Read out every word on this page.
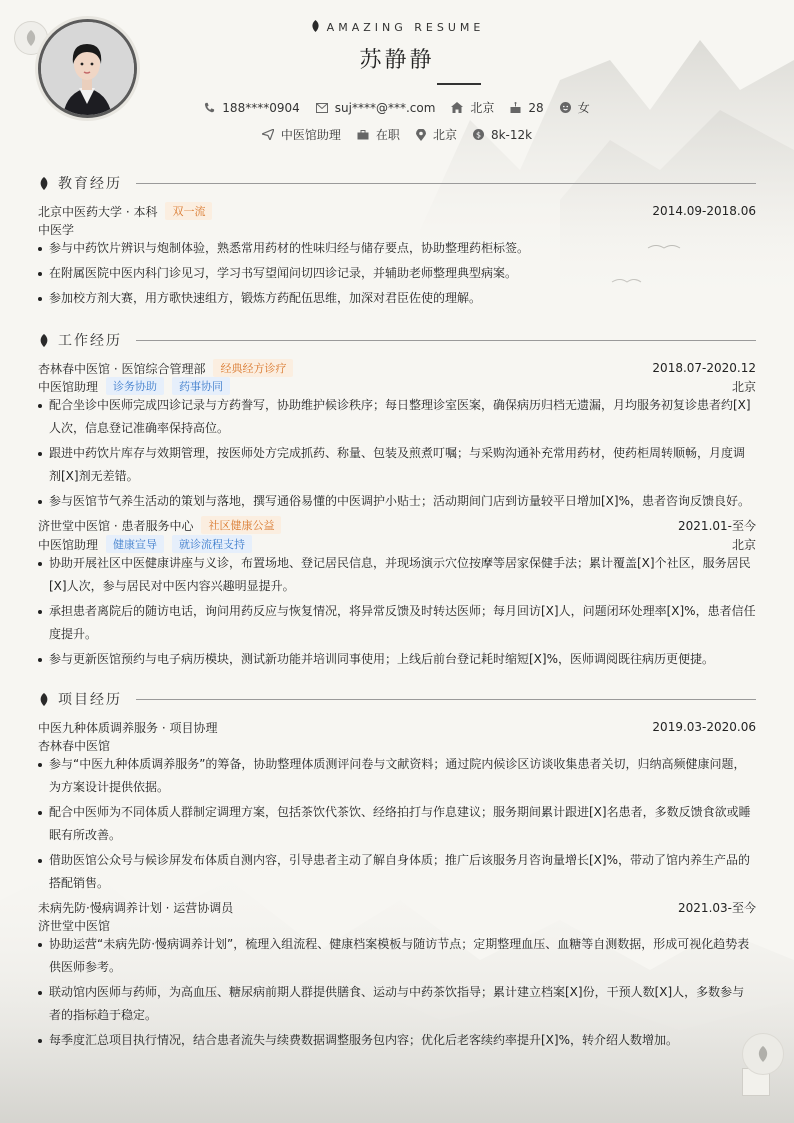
AMAZING RESUME
苏静静
188****0904	suj****@***.com	北京	28	女
中医馆助理	在职	北京 $ 8k-12k
教育经历
北京中医药大学 · 本科	双一流	2014.09-2018.06
中医学
参与中药饮片辨识与炮制体验，熟悉常用药材的性味归经与储存要点，协助整理药柜标签。
在附属医院中医内科门诊见习，学习书写望闻问切四诊记录，并辅助老师整理典型病案。
参加校方剂大赛，用方歌快速组方，锻炼方药配伍思维，加深对君臣佐使的理解。
工作经历
杏林春中医馆 · 医馆综合管理部	经典经方诊疗	2018.07-2020.12
中医馆助理	诊务协助	药事协同	北京
配合坐诊中医师完成四诊记录与方药誊写，协助维护候诊秩序；每日整理诊室医案，确保病历归档无遗漏，月均服务初复诊患者约[X]人次，信息登记准确率保持高位。
跟进中药饮片库存与效期管理，按医师处方完成抓药、称量、包装及煎煮叮嘱；与采购沟通补充常用药材，使药柜周转顺畅，月度调剂[X]剂无差错。
参与医馆节气养生活动的策划与落地，撰写通俗易懂的中医调护小贴士；活动期间门店到访量较平日增加[X]%，患者咨询反馈良好。
济世堂中医馆 · 患者服务中心	社区健康公益	2021.01-至今
中医馆助理	健康宣导	就诊流程支持	北京
协助开展社区中医健康讲座与义诊，布置场地、登记居民信息，并现场演示穴位按摩等居家保健手法；累计覆盖[X]个社区，服务居民[X]人次，参与居民对中医内容兴趣明显提升。
承担患者离院后的随访电话，询问用药反应与恢复情况，将异常反馈及时转达医师；每月回访[X]人，问题闭环处理率[X]%，患者信任度提升。
参与更新医馆预约与电子病历模块，测试新功能并培训同事使用；上线后前台登记耗时缩短[X]%，医师调阅既往病历更便捷。
项目经历
中医九种体质调养服务 · 项目协理	2019.03-2020.06
杏林春中医馆
参与“中医九种体质调养服务”的筹备，协助整理体质测评问卷与文献资料；通过院内候诊区访谈收集患者关切，归纳高频健康问题，为方案设计提供依据。
配合中医师为不同体质人群制定调理方案，包括茶饮代茶饮、经络拍打与作息建议；服务期间累计跟进[X]名患者，多数反馈食欲或睡眠有所改善。
借助医馆公众号与候诊屏发布体质自测内容，引导患者主动了解自身体质；推广后该服务月咨询量增长[X]%，带动了馆内养生产品的搭配销售。
未病先防·慢病调养计划 · 运营协调员	2021.03-至今
济世堂中医馆
协助运营“未病先防·慢病调养计划”，梳理入组流程、健康档案模板与随访节点；定期整理血压、血糖等自测数据，形成可视化趋势表供医师参考。
联动馆内医师与药师，为高血压、糖尿病前期人群提供膳食、运动与中药茶饮指导；累计建立档案[X]份，干预人数[X]人，多数参与者的指标趋于稳定。
每季度汇总项目执行情况，结合患者流失与续费数据调整服务包内容；优化后老客续约率提升[X]%，转介绍人数增加。
